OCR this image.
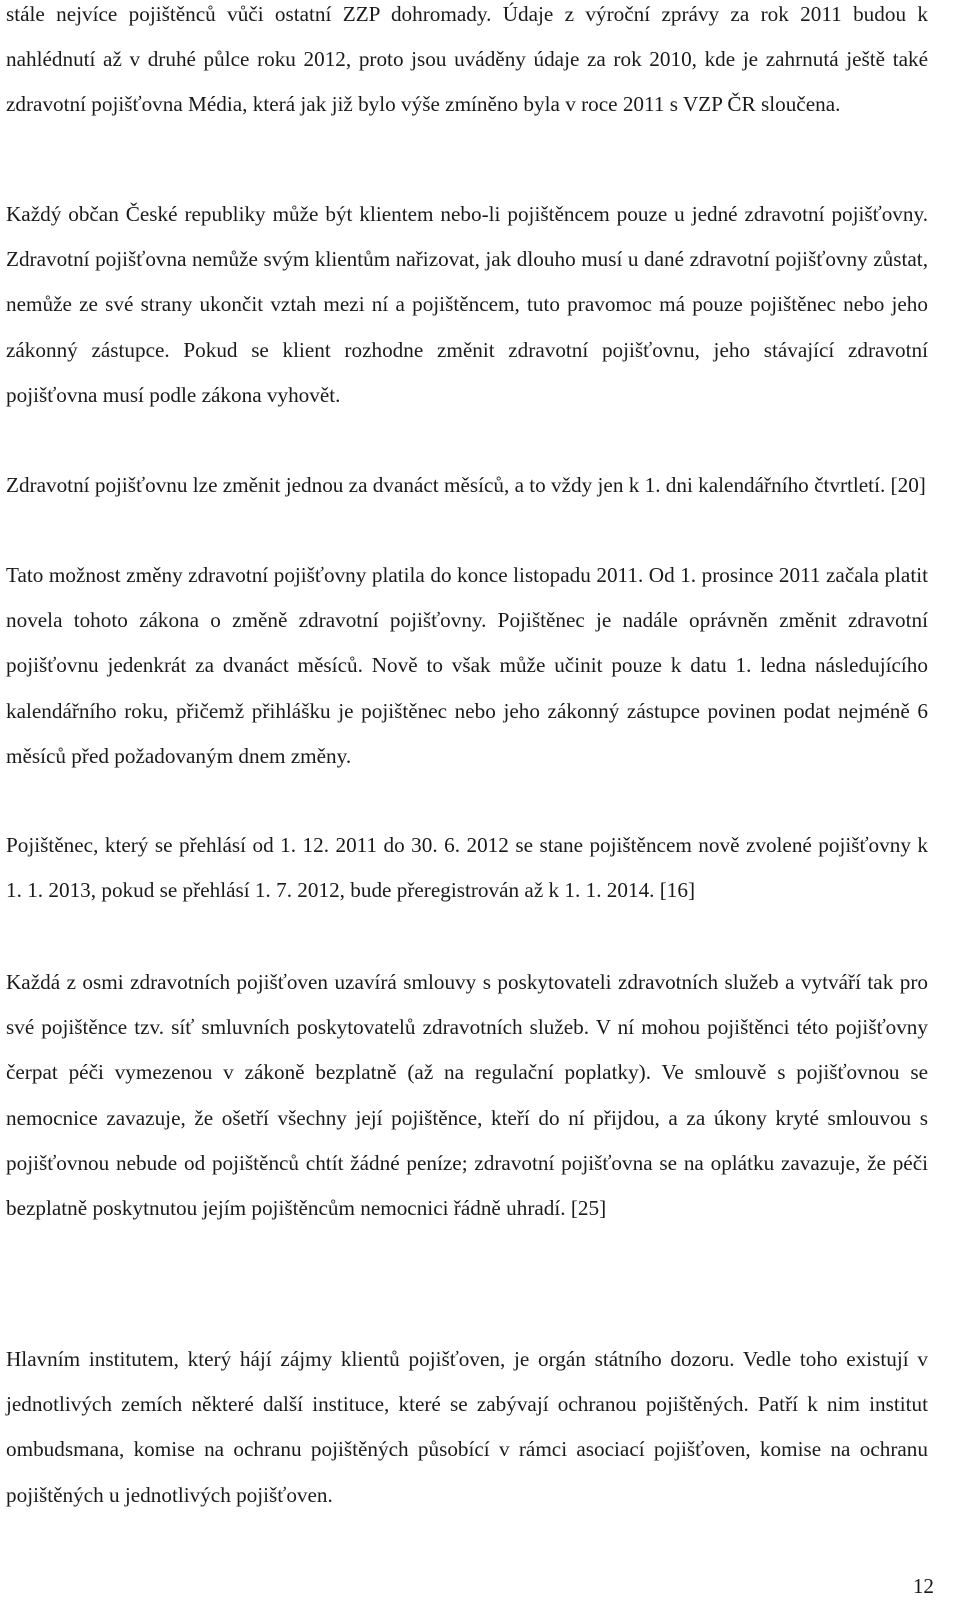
stále nejvíce pojištěnců vůči ostatní ZZP dohromady. Údaje z výroční zprávy za rok 2011 budou k nahlédnutí až v druhé půlce roku 2012, proto jsou uváděny údaje za rok 2010, kde je zahrnutá ještě také zdravotní pojišťovna Média, která jak již bylo výše zmíněno byla v roce 2011 s VZP ČR sloučena.

Každý občan České republiky může být klientem nebo-li pojištěncem pouze u jedné zdravotní pojišťovny. Zdravotní pojišťovna nemůže svým klientům nařizovat, jak dlouho musí u dané zdravotní pojišťovny zůstat, nemůže ze své strany ukončit vztah mezi ní a pojištěncem, tuto pravomoc má pouze pojištěnec nebo jeho zákonný zástupce. Pokud se klient rozhodne změnit zdravotní pojišťovnu, jeho stávající zdravotní pojišťovna musí podle zákona vyhovět.

Zdravotní pojišťovnu lze změnit jednou za dvanáct měsíců, a to vždy jen k 1. dni kalendářního čtvrtletí. [20]

Tato možnost změny zdravotní pojišťovny platila do konce listopadu 2011. Od 1. prosince 2011 začala platit novela tohoto zákona o změně zdravotní pojišťovny. Pojištěnec je nadále oprávněn změnit zdravotní pojišťovnu jedenkrát za dvanáct měsíců. Nově to však může učinit pouze k datu 1. ledna následujícího kalendářního roku, přičemž přihlášku je pojištěnec nebo jeho zákonný zástupce povinen podat nejméně 6 měsíců před požadovaným dnem změny.

Pojištěnec, který se přehlásí od 1. 12. 2011 do 30. 6. 2012 se stane pojištěncem nově zvolené pojišťovny k 1. 1. 2013, pokud se přehlásí 1. 7. 2012, bude přeregistrován až k 1. 1. 2014. [16]

Každá z osmi zdravotních pojišťoven uzavírá smlouvy s poskytovateli zdravotních služeb a vytváří tak pro své pojištěnce tzv. síť smluvních poskytovatelů zdravotních služeb. V ní mohou pojištěnci této pojišťovny čerpat péči vymezenou v zákoně bezplatně (až na regulační poplatky). Ve smlouvě s pojišťovnou se nemocnice zavazuje, že ošetří všechny její pojištěnce, kteří do ní přijdou, a za úkony kryté smlouvou s pojišťovnou nebude od pojištěnců chtít žádné peníze; zdravotní pojišťovna se na oplátku zavazuje, že péči bezplatně poskytnutou jejím pojištěncům nemocnici řádně uhradí. [25]

Hlavním institutem, který hájí zájmy klientů pojišťoven, je orgán státního dozoru. Vedle toho existují v jednotlivých zemích některé další instituce, které se zabývají ochranou pojištěných. Patří k nim institut ombudsmana, komise na ochranu pojištěných působící v rámci asociací pojišťoven, komise na ochranu pojištěných u jednotlivých pojišťoven.

12
